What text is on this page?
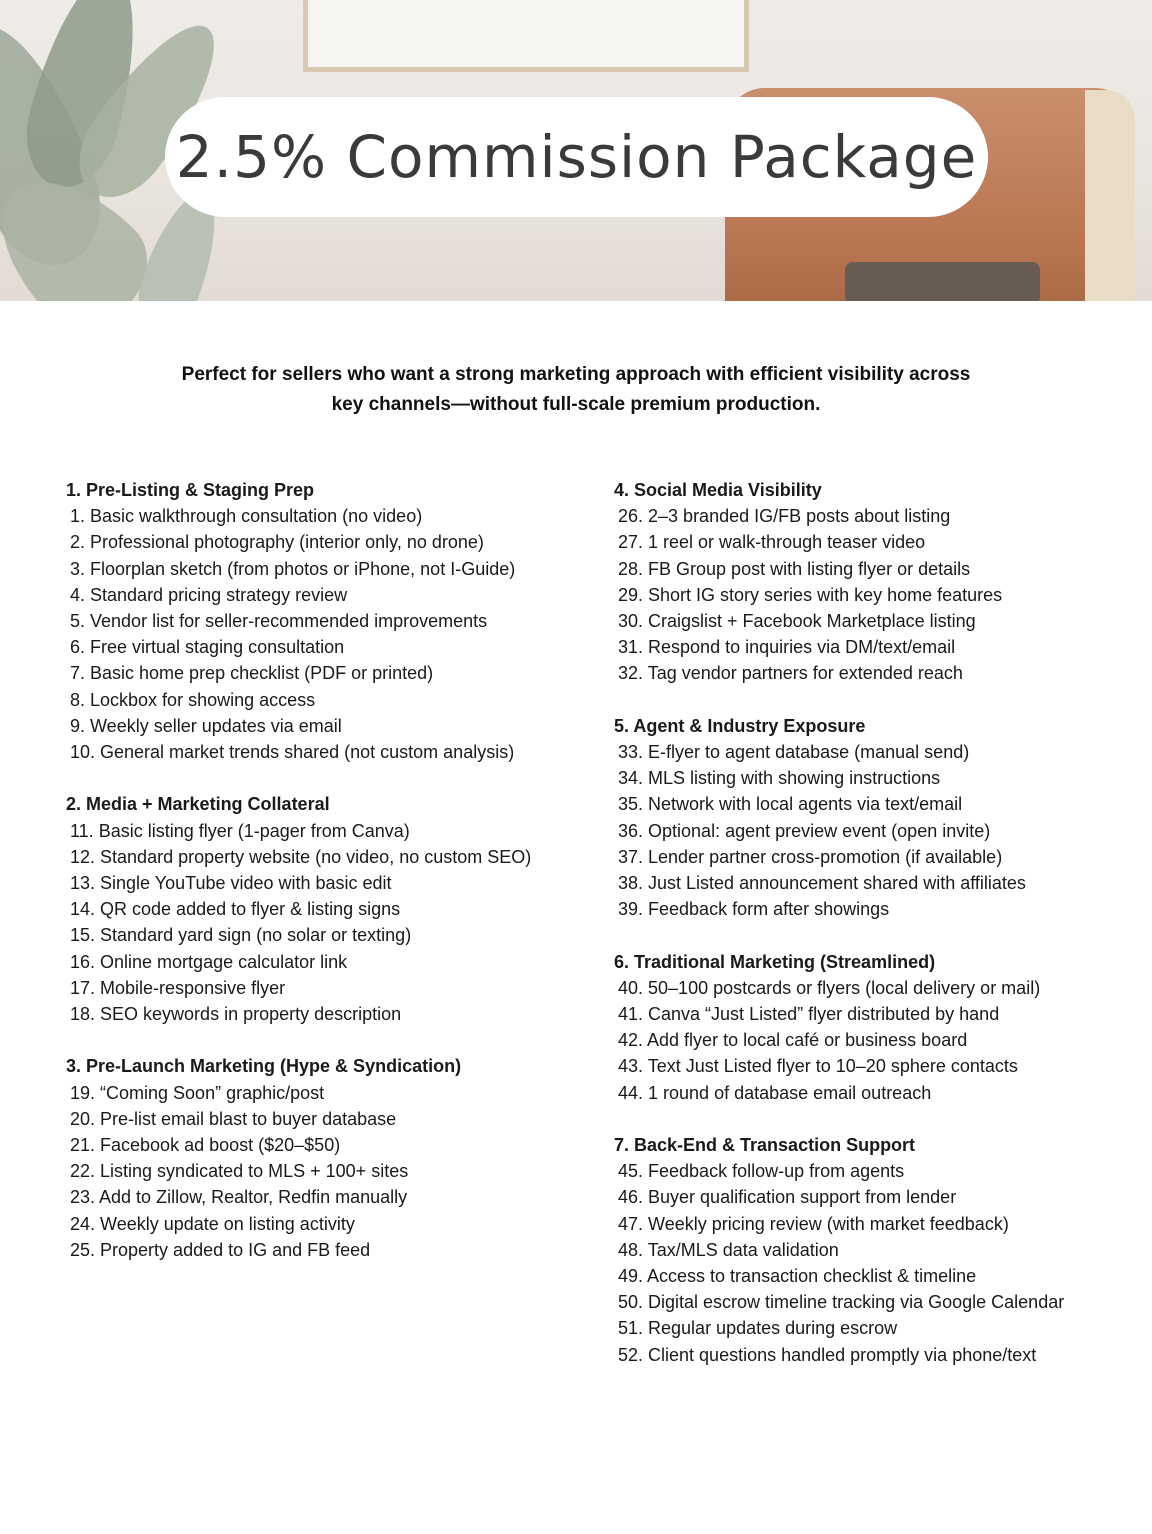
2.5% Commission Package
Perfect for sellers who want a strong marketing approach with efficient visibility across
key channels—without full-scale premium production.
1. Pre-Listing & Staging Prep
1. Basic walkthrough consultation (no video)
2. Professional photography (interior only, no drone)
3. Floorplan sketch (from photos or iPhone, not I-Guide)
4. Standard pricing strategy review
5. Vendor list for seller-recommended improvements
6. Free virtual staging consultation
7. Basic home prep checklist (PDF or printed)
8. Lockbox for showing access
9. Weekly seller updates via email
10. General market trends shared (not custom analysis)
2. Media + Marketing Collateral
11. Basic listing flyer (1-pager from Canva)
12. Standard property website (no video, no custom SEO)
13. Single YouTube video with basic edit
14. QR code added to flyer & listing signs
15. Standard yard sign (no solar or texting)
16. Online mortgage calculator link
17. Mobile-responsive flyer
18. SEO keywords in property description
3. Pre-Launch Marketing (Hype & Syndication)
19. “Coming Soon” graphic/post
20. Pre-list email blast to buyer database
21. Facebook ad boost ($20–$50)
22. Listing syndicated to MLS + 100+ sites
23. Add to Zillow, Realtor, Redfin manually
24. Weekly update on listing activity
25. Property added to IG and FB feed
4. Social Media Visibility
26. 2–3 branded IG/FB posts about listing
27. 1 reel or walk-through teaser video
28. FB Group post with listing flyer or details
29. Short IG story series with key home features
30. Craigslist + Facebook Marketplace listing
31. Respond to inquiries via DM/text/email
32. Tag vendor partners for extended reach
5. Agent & Industry Exposure
33. E-flyer to agent database (manual send)
34. MLS listing with showing instructions
35. Network with local agents via text/email
36. Optional: agent preview event (open invite)
37. Lender partner cross-promotion (if available)
38. Just Listed announcement shared with affiliates
39. Feedback form after showings
6. Traditional Marketing (Streamlined)
40. 50–100 postcards or flyers (local delivery or mail)
41. Canva “Just Listed” flyer distributed by hand
42. Add flyer to local café or business board
43. Text Just Listed flyer to 10–20 sphere contacts
44. 1 round of database email outreach
7. Back-End & Transaction Support
45. Feedback follow-up from agents
46. Buyer qualification support from lender
47. Weekly pricing review (with market feedback)
48. Tax/MLS data validation
49. Access to transaction checklist & timeline
50. Digital escrow timeline tracking via Google Calendar
51. Regular updates during escrow
52. Client questions handled promptly via phone/text
